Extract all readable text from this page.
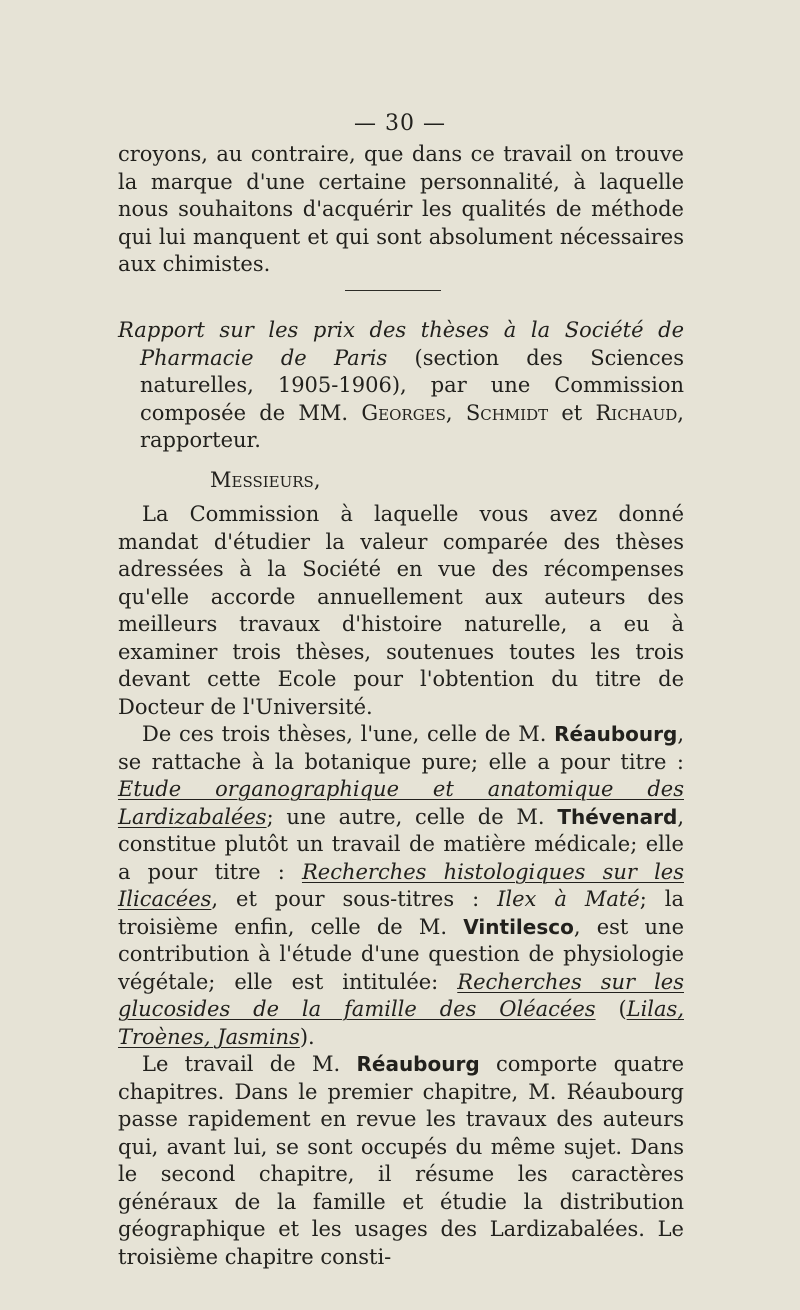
— 30 —

croyons, au contraire, que dans ce travail on trouve la marque d'une certaine personnalité, à laquelle nous souhaitons d'acquérir les qualités de méthode qui lui manquent et qui sont absolument nécessaires aux chimistes.

Rapport sur les prix des thèses à la Société de Pharmacie de Paris (section des Sciences naturelles, 1905-1906), par une Commission composée de MM. Georges, Schmidt et Richaud, rapporteur.

Messieurs,

La Commission à laquelle vous avez donné mandat d'étudier la valeur comparée des thèses adressées à la Société en vue des récompenses qu'elle accorde annuellement aux auteurs des meilleurs travaux d'histoire naturelle, a eu à examiner trois thèses, soutenues toutes les trois devant cette Ecole pour l'obtention du titre de Docteur de l'Université.

De ces trois thèses, l'une, celle de M. Réaubourg, se rattache à la botanique pure; elle a pour titre : Etude organographique et anatomique des Lardizabalées; une autre, celle de M. Thévenard, constitue plutôt un travail de matière médicale; elle a pour titre : Recherches histologiques sur les Ilicacées, et pour sous-titres : Ilex à Maté; la troisième enfin, celle de M. Vintilesco, est une contribution à l'étude d'une question de physiologie végétale; elle est intitulée: Recherches sur les glucosides de la famille des Oléacées (Lilas, Troènes, Jasmins).

Le travail de M. Réaubourg comporte quatre chapitres. Dans le premier chapitre, M. Réaubourg passe rapidement en revue les travaux des auteurs qui, avant lui, se sont occupés du même sujet. Dans le second chapitre, il résume les caractères généraux de la famille et étudie la distribution géographique et les usages des Lardizabalées. Le troisième chapitre consti-
